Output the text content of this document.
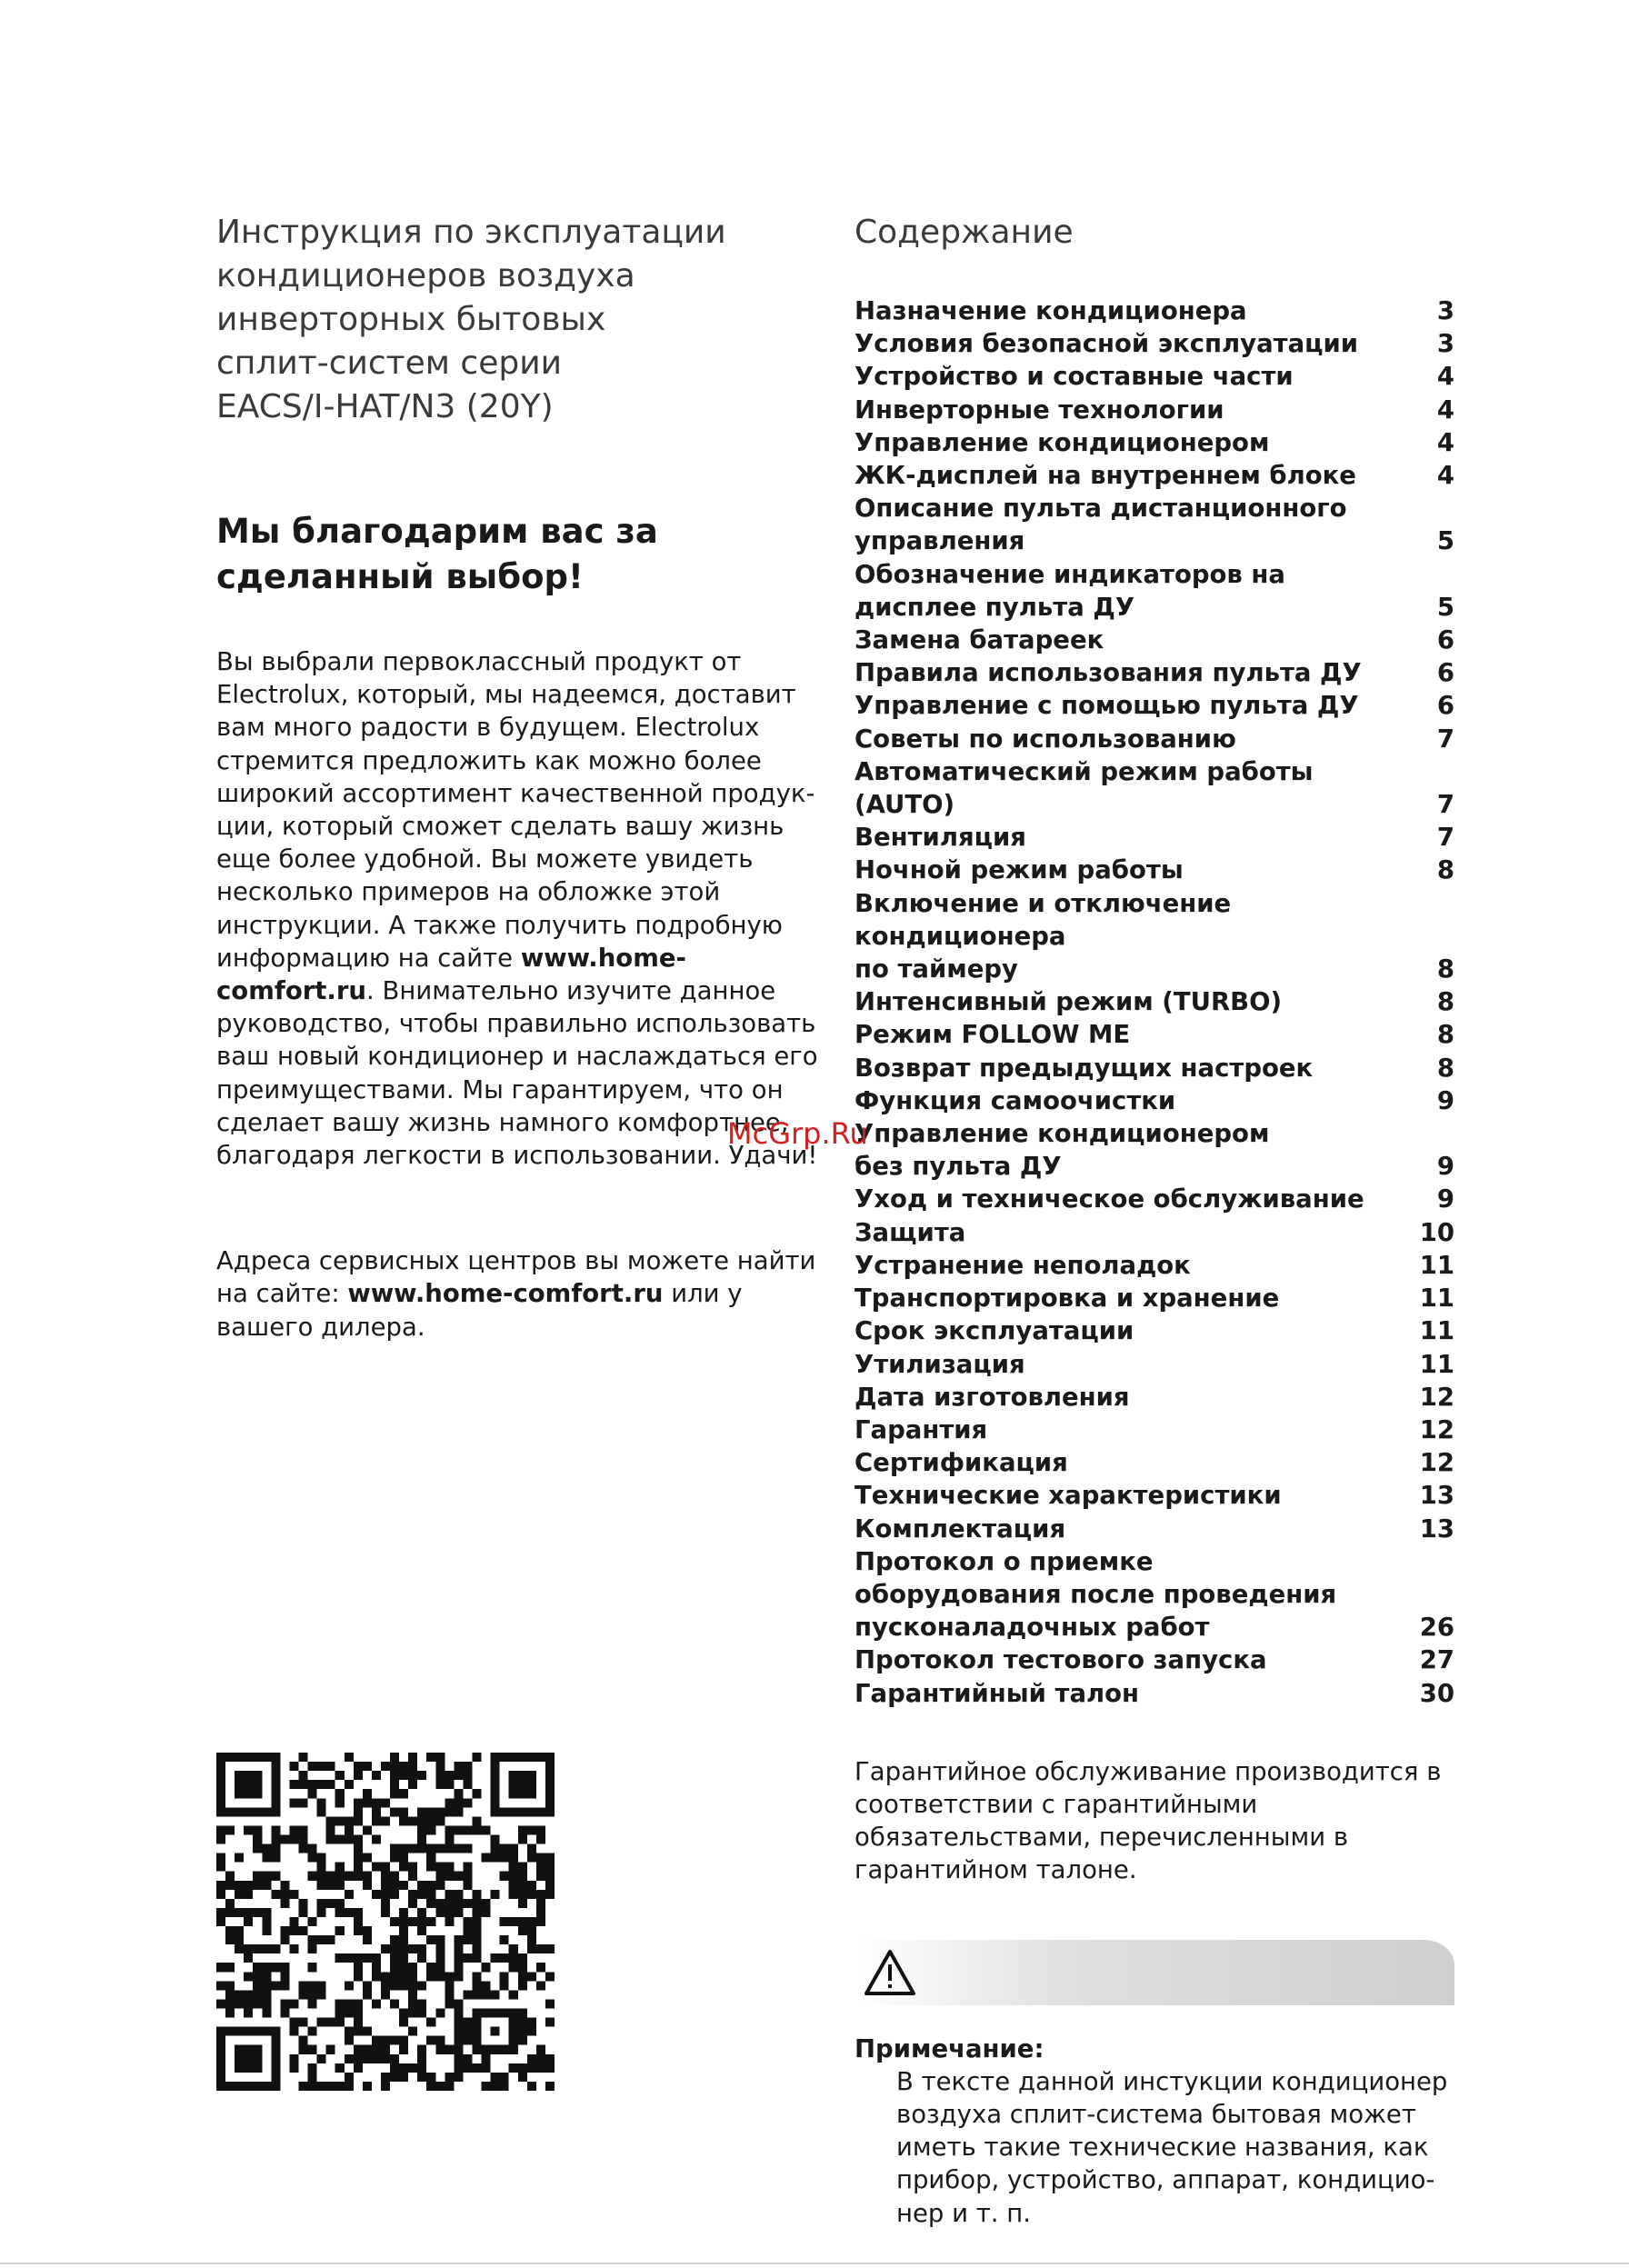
Инструкция по эксплуатации
кондиционеров воздуха
инверторных бытовых
сплит-систем серии
EACS/I-HAT/N3 (20Y)
Мы благодарим вас за
сделанный выбор!

Вы выбрали первоклассный продукт от Electrolux, который, мы надеемся, доставит вам много радости в будущем. Electrolux стремится предложить как можно более широкий ассортимент качественной продукции, который сможет сделать вашу жизнь еще более удобной. Вы можете увидеть несколько примеров на обложке этой инструкции. А также получить подробную информацию на сайте www.home-comfort.ru. Внимательно изучите данное руководство, чтобы правильно использовать ваш новый кондиционер и наслаждаться его преимуществами. Мы гарантируем, что он сделает вашу жизнь намного комфортнее, благодаря легкости в использовании. Удачи!

Адреса сервисных центров вы можете найти на сайте: www.home-comfort.ru или у вашего дилера.

Содержание
Назначение кондиционера	3
Условия безопасной эксплуатации	3
Устройство и составные части	4
Инверторные технологии	4
Управление кондиционером	4
ЖК-дисплей на внутреннем блоке	4
Описание пульта дистанционного
управления	5
Обозначение индикаторов на
дисплее пульта ДУ	5
Замена батареек	6
Правила использования пульта ДУ	6
Управление с помощью пульта ДУ	6
Советы по использованию	7
Автоматический режим работы (AUTO)	7
Вентиляция	7
Ночной режим работы	8
Включение и отключение кондиционера
по таймеру	8
Интенсивный режим (TURBO)	8
Режим FOLLOW ME	8
Возврат предыдущих настроек	8
Функция самоочистки	9
Управление кондиционером
без пульта ДУ	9
Уход и техническое обслуживание	9
Защита	10
Устранение неполадок	11
Транспортировка и хранение	11
Срок эксплуатации	11
Утилизация	11
Дата изготовления	12
Гарантия	12
Сертификация	12
Технические характеристики	13
Комплектация	13
Протокол о приемке
оборудования после проведения
пусконаладочных работ	26
Протокол тестового запуска	27
Гарантийный талон	30

Гарантийное обслуживание производится в соответствии с гарантийными обязательствами, перечисленными в гарантийном талоне.

Примечание:
В тексте данной инстукции кондиционер воздуха сплит-система бытовая может иметь такие технические названия, как прибор, устройство, аппарат, кондиционер и т. п.
McGrp.Ru
